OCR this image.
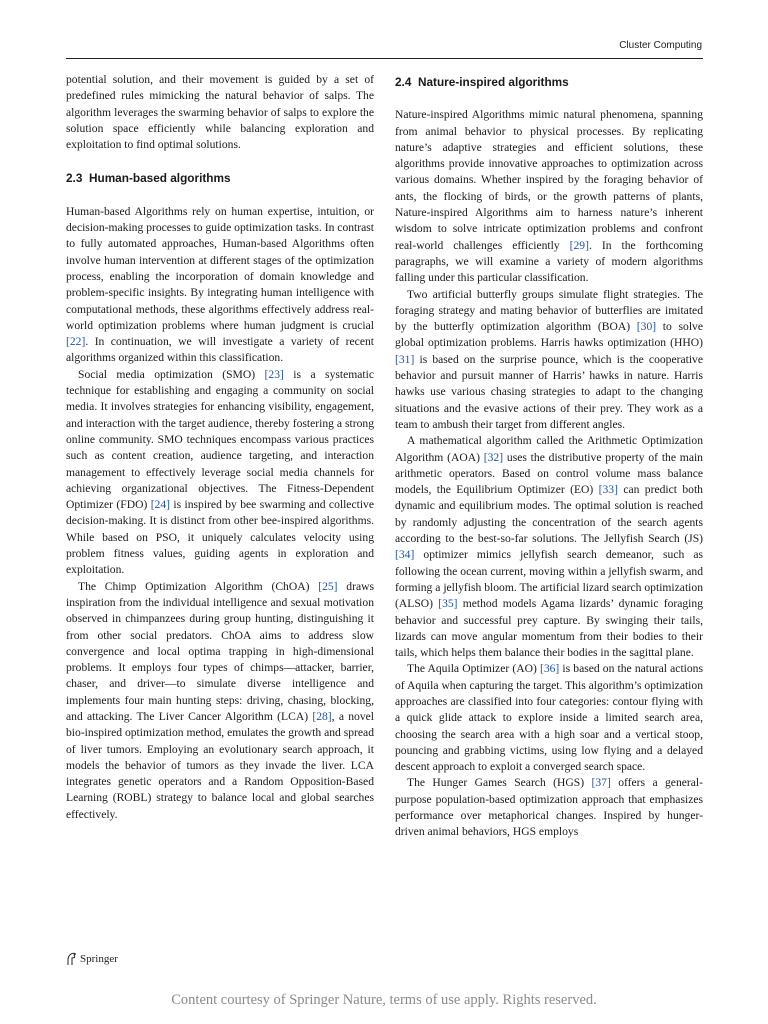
Cluster Computing

potential solution, and their movement is guided by a set of predefined rules mimicking the natural behavior of salps. The algorithm leverages the swarming behavior of salps to explore the solution space efficiently while balancing exploration and exploitation to find optimal solutions.

2.3 Human-based algorithms

Human-based Algorithms rely on human expertise, intuition, or decision-making processes to guide optimization tasks. In contrast to fully automated approaches, Human-based Algorithms often involve human intervention at different stages of the optimization process, enabling the incorporation of domain knowledge and problem-specific insights. By integrating human intelligence with computational methods, these algorithms effectively address real-world optimization problems where human judgment is crucial [22]. In continuation, we will investigate a variety of recent algorithms organized within this classification.

Social media optimization (SMO) [23] is a systematic technique for establishing and engaging a community on social media. It involves strategies for enhancing visibility, engagement, and interaction with the target audience, thereby fostering a strong online community. SMO techniques encompass various practices such as content creation, audience targeting, and interaction management to effectively leverage social media channels for achieving organizational objectives. The Fitness-Dependent Optimizer (FDO) [24] is inspired by bee swarming and collective decision-making. It is distinct from other bee-inspired algorithms. While based on PSO, it uniquely calculates velocity using problem fitness values, guiding agents in exploration and exploitation.

The Chimp Optimization Algorithm (ChOA) [25] draws inspiration from the individual intelligence and sexual motivation observed in chimpanzees during group hunting, distinguishing it from other social predators. ChOA aims to address slow convergence and local optima trapping in high-dimensional problems. It employs four types of chimps—attacker, barrier, chaser, and driver—to simulate diverse intelligence and implements four main hunting steps: driving, chasing, blocking, and attacking. The Liver Cancer Algorithm (LCA) [28], a novel bio-inspired optimization method, emulates the growth and spread of liver tumors. Employing an evolutionary search approach, it models the behavior of tumors as they invade the liver. LCA integrates genetic operators and a Random Opposition-Based Learning (ROBL) strategy to balance local and global searches effectively.

2.4 Nature-inspired algorithms

Nature-inspired Algorithms mimic natural phenomena, spanning from animal behavior to physical processes. By replicating nature’s adaptive strategies and efficient solutions, these algorithms provide innovative approaches to optimization across various domains. Whether inspired by the foraging behavior of ants, the flocking of birds, or the growth patterns of plants, Nature-inspired Algorithms aim to harness nature’s inherent wisdom to solve intricate optimization problems and confront real-world challenges efficiently [29]. In the forthcoming paragraphs, we will examine a variety of modern algorithms falling under this particular classification.

Two artificial butterfly groups simulate flight strategies. The foraging strategy and mating behavior of butterflies are imitated by the butterfly optimization algorithm (BOA) [30] to solve global optimization problems. Harris hawks optimization (HHO) [31] is based on the surprise pounce, which is the cooperative behavior and pursuit manner of Harris’ hawks in nature. Harris hawks use various chasing strategies to adapt to the changing situations and the evasive actions of their prey. They work as a team to ambush their target from different angles.

A mathematical algorithm called the Arithmetic Optimization Algorithm (AOA) [32] uses the distributive property of the main arithmetic operators. Based on control volume mass balance models, the Equilibrium Optimizer (EO) [33] can predict both dynamic and equilibrium modes. The optimal solution is reached by randomly adjusting the concentration of the search agents according to the best-so-far solutions. The Jellyfish Search (JS) [34] optimizer mimics jellyfish search demeanor, such as following the ocean current, moving within a jellyfish swarm, and forming a jellyfish bloom. The artificial lizard search optimization (ALSO) [35] method models Agama lizards’ dynamic foraging behavior and successful prey capture. By swinging their tails, lizards can move angular momentum from their bodies to their tails, which helps them balance their bodies in the sagittal plane.

The Aquila Optimizer (AO) [36] is based on the natural actions of Aquila when capturing the target. This algorithm’s optimization approaches are classified into four categories: contour flying with a quick glide attack to explore inside a limited search area, choosing the search area with a high soar and a vertical stoop, pouncing and grabbing victims, using low flying and a delayed descent approach to exploit a converged search space.

The Hunger Games Search (HGS) [37] offers a general-purpose population-based optimization approach that emphasizes performance over metaphorical changes. Inspired by hunger-driven animal behaviors, HGS employs

Springer
Content courtesy of Springer Nature, terms of use apply. Rights reserved.
